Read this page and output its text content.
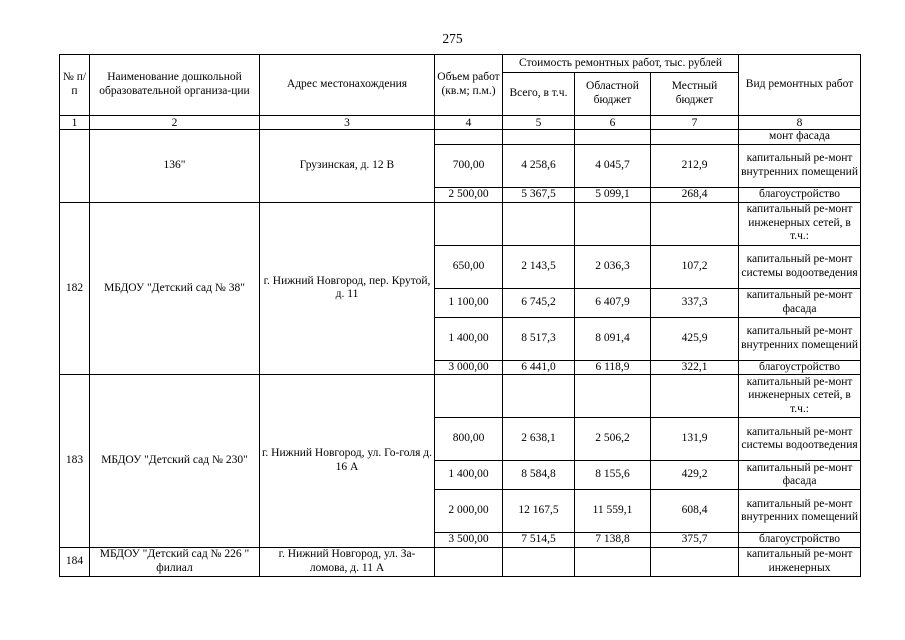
275
№ п/п	Наименование дошкольной образовательной организа-ции	Адрес местонахождения	Объем работ (кв.м; п.м.)	Стоимость ремонтных работ, тыс. рублей			Вид ремонтных работ
				Всего, в т.ч.	Областной бюджет	Местный бюджет	
1	2	3	4	5	6	7	8
	136"	Грузинская, д. 12 В					монт фасада
			700,00	4 258,6	4 045,7	212,9	капитальный ре-монт внутренних помещений
			2 500,00	5 367,5	5 099,1	268,4	благоустройство
182	МБДОУ "Детский сад № 38"	г. Нижний Новгород, пер. Крутой, д. 11					капитальный ре-монт инженерных сетей, в т.ч.:
			650,00	2 143,5	2 036,3	107,2	капитальный ре-монт системы водоотведения
			1 100,00	6 745,2	6 407,9	337,3	капитальный ре-монт фасада
			1 400,00	8 517,3	8 091,4	425,9	капитальный ре-монт внутренних помещений
			3 000,00	6 441,0	6 118,9	322,1	благоустройство
183	МБДОУ "Детский сад № 230"	г. Нижний Новгород, ул. Го-голя д. 16 А					капитальный ре-монт инженерных сетей, в т.ч.:
			800,00	2 638,1	2 506,2	131,9	капитальный ре-монт системы водоотведения
			1 400,00	8 584,8	8 155,6	429,2	капитальный ре-монт фасада
			2 000,00	12 167,5	11 559,1	608,4	капитальный ре-монт внутренних помещений
			3 500,00	7 514,5	7 138,8	375,7	благоустройство
184	МБДОУ "Детский сад № 226 " филиал	г. Нижний Новгород, ул. За-ломова, д. 11 А					капитальный ре-монт инженерных
